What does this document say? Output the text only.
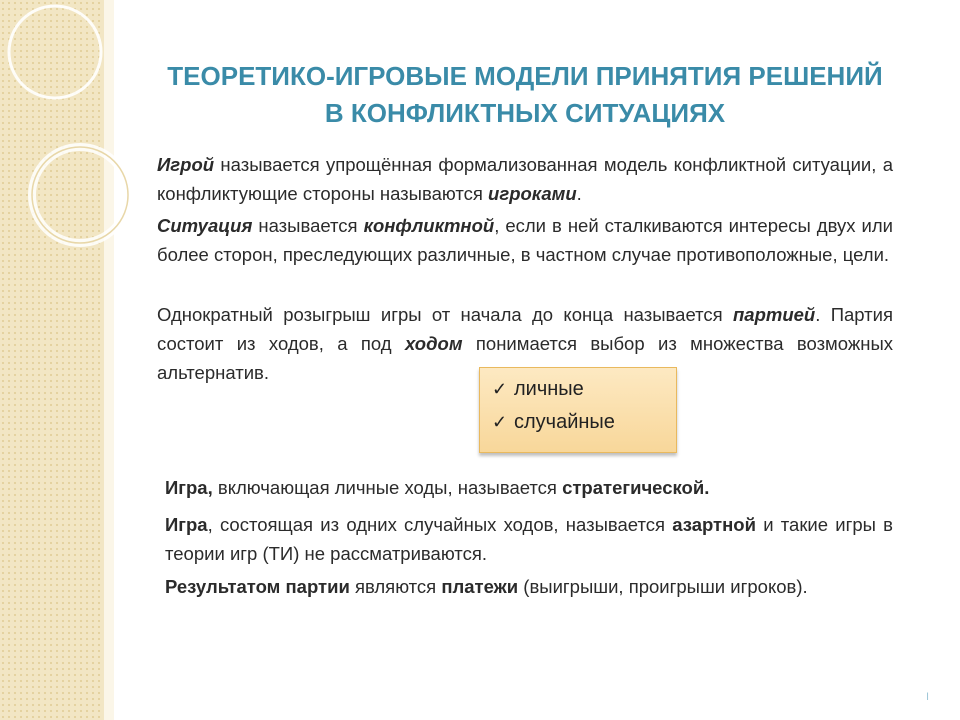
ТЕОРЕТИКО-ИГРОВЫЕ МОДЕЛИ ПРИНЯТИЯ РЕШЕНИЙ
В КОНФЛИКТНЫХ СИТУАЦИЯХ
Игрой называется упрощённая формализованная модель конфликтной ситуации, а конфликтующие стороны называются игроками.
Ситуация называется конфликтной, если в ней сталкиваются интересы двух или более сторон, преследующих различные, в частном случае противоположные, цели.
Однократный розыгрыш игры от начала до конца называется партией. Партия состоит из ходов, а под ходом понимается выбор из множества возможных альтернатив.
✓ личные
✓ случайные
Игра, включающая личные ходы, называется стратегической.
Игра, состоящая из одних случайных ходов, называется азартной и такие игры в теории игр (ТИ) не рассматриваются.
Результатом партии являются платежи (выигрыши, проигрыши игроков).
I
